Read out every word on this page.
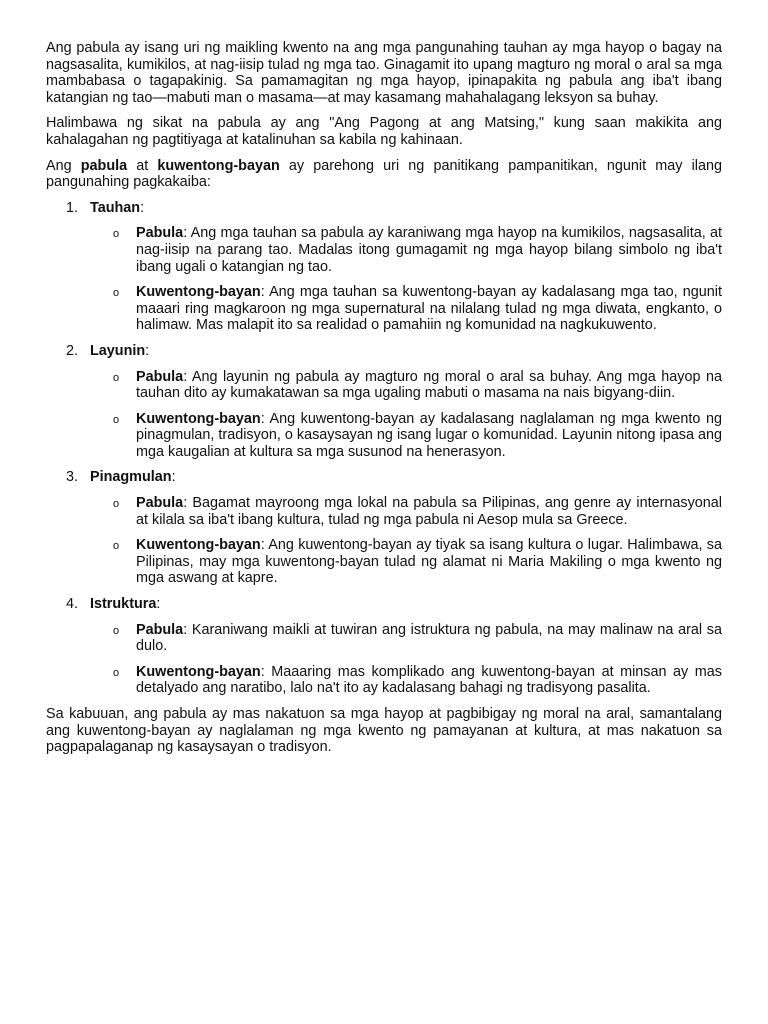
Ang pabula ay isang uri ng maikling kwento na ang mga pangunahing tauhan ay mga hayop o bagay na nagsasalita, kumikilos, at nag-iisip tulad ng mga tao. Ginagamit ito upang magturo ng moral o aral sa mga mambabasa o tagapakinig. Sa pamamagitan ng mga hayop, ipinapakita ng pabula ang iba't ibang katangian ng tao—mabuti man o masama—at may kasamang mahahalagang leksyon sa buhay.

Halimbawa ng sikat na pabula ay ang "Ang Pagong at ang Matsing," kung saan makikita ang kahalagahan ng pagtitiyaga at katalinuhan sa kabila ng kahinaan.

Ang pabula at kuwentong-bayan ay parehong uri ng panitikang pampanitikan, ngunit may ilang pangunahing pagkakaiba:

1. Tauhan:
o Pabula: Ang mga tauhan sa pabula ay karaniwang mga hayop na kumikilos, nagsasalita, at nag-iisip na parang tao. Madalas itong gumagamit ng mga hayop bilang simbolo ng iba't ibang ugali o katangian ng tao.
o Kuwentong-bayan: Ang mga tauhan sa kuwentong-bayan ay kadalasang mga tao, ngunit maaari ring magkaroon ng mga supernatural na nilalang tulad ng mga diwata, engkanto, o halimaw. Mas malapit ito sa realidad o pamahiin ng komunidad na nagkukuwento.
2. Layunin:
o Pabula: Ang layunin ng pabula ay magturo ng moral o aral sa buhay. Ang mga hayop na tauhan dito ay kumakatawan sa mga ugaling mabuti o masama na nais bigyang-diin.
o Kuwentong-bayan: Ang kuwentong-bayan ay kadalasang naglalaman ng mga kwento ng pinagmulan, tradisyon, o kasaysayan ng isang lugar o komunidad. Layunin nitong ipasa ang mga kaugalian at kultura sa mga susunod na henerasyon.
3. Pinagmulan:
o Pabula: Bagamat mayroong mga lokal na pabula sa Pilipinas, ang genre ay internasyonal at kilala sa iba't ibang kultura, tulad ng mga pabula ni Aesop mula sa Greece.
o Kuwentong-bayan: Ang kuwentong-bayan ay tiyak sa isang kultura o lugar. Halimbawa, sa Pilipinas, may mga kuwentong-bayan tulad ng alamat ni Maria Makiling o mga kwento ng mga aswang at kapre.
4. Istruktura:
o Pabula: Karaniwang maikli at tuwiran ang istruktura ng pabula, na may malinaw na aral sa dulo.
o Kuwentong-bayan: Maaaring mas komplikado ang kuwentong-bayan at minsan ay mas detalyado ang naratibo, lalo na't ito ay kadalasang bahagi ng tradisyong pasalita.

Sa kabuuan, ang pabula ay mas nakatuon sa mga hayop at pagbibigay ng moral na aral, samantalang ang kuwentong-bayan ay naglalaman ng mga kwento ng pamayanan at kultura, at mas nakatuon sa pagpapalaganap ng kasaysayan o tradisyon.
